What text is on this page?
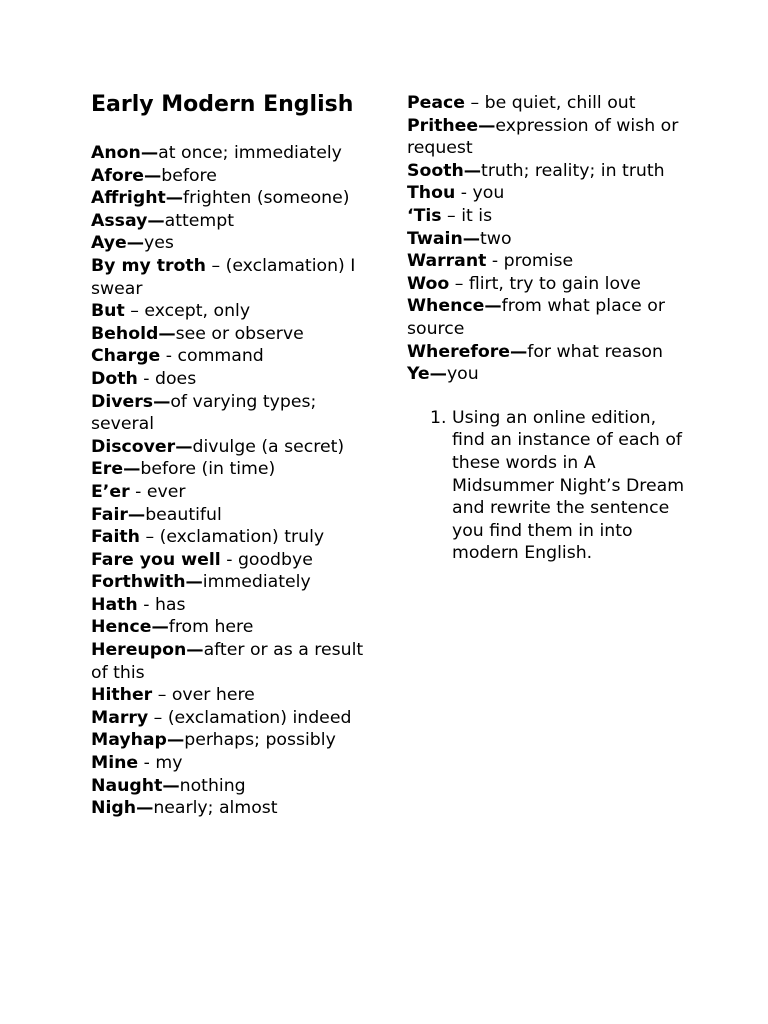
Early Modern English
Anon—at once; immediately
Afore—before
Affright—frighten (someone)
Assay—attempt
Aye—yes
By my troth – (exclamation) I swear
But – except, only
Behold—see or observe
Charge - command
Doth - does
Divers—of varying types; several
Discover—divulge (a secret)
Ere—before (in time)
E’er - ever
Fair—beautiful
Faith – (exclamation) truly
Fare you well - goodbye
Forthwith—immediately
Hath - has
Hence—from here
Hereupon—after or as a result of this
Hither – over here
Marry – (exclamation) indeed
Mayhap—perhaps; possibly
Mine - my
Naught—nothing
Nigh—nearly; almost
Peace – be quiet, chill out
Prithee—expression of wish or request
Sooth—truth; reality; in truth
Thou - you
‘Tis – it is
Twain—two
Warrant - promise
Woo – flirt, try to gain love
Whence—from what place or source
Wherefore—for what reason
Ye—you
1. Using an online edition, find an instance of each of these words in A Midsummer Night’s Dream and rewrite the sentence you find them in into modern English.
